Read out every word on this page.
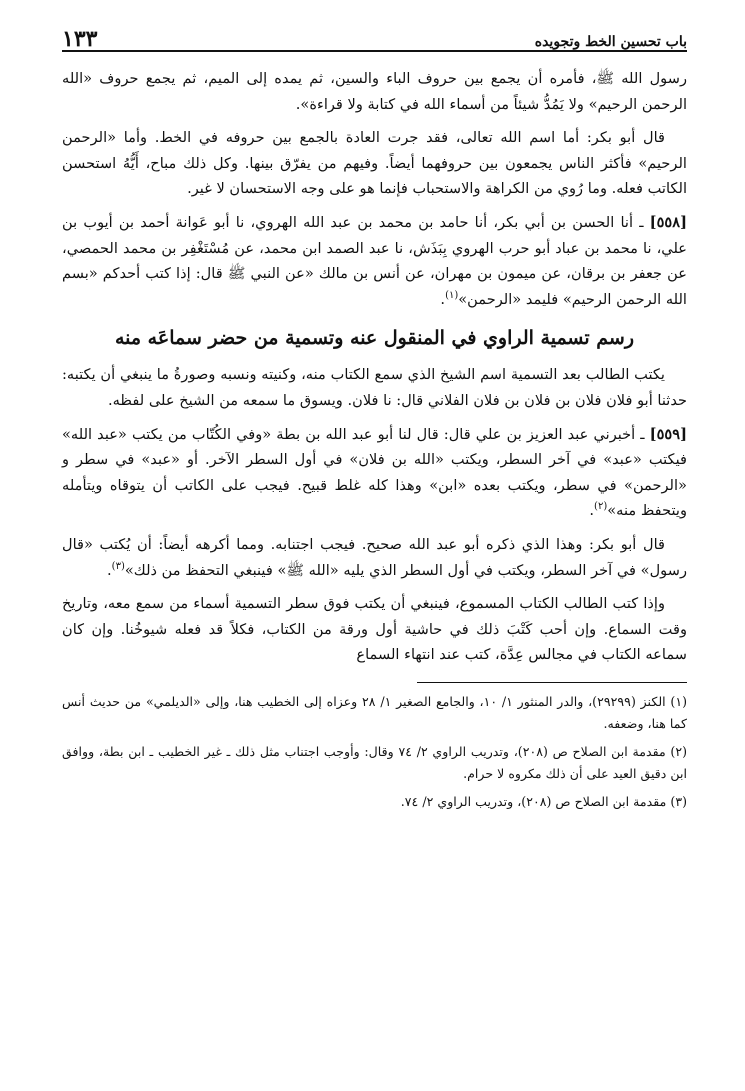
باب تحسين الخط وتجويده
١٣٣

رسول الله ﷺ، فأمره أن يجمع بين حروف الباء والسين، ثم يمده إلى الميم، ثم يجمع حروف «الله الرحمن الرحيم» ولا يَمُدُّ شيئاً من أسماء الله في كتابة ولا قراءة».

قال أبو بكر: أما اسم الله تعالى، فقد جرت العادة بالجمع بين حروفه في الخط. وأما «الرحمن الرحيم» فأكثر الناس يجمعون بين حروفهما أيضاً. وفيهم من يفرّق بينها. وكل ذلك مباح، أَيُّهُ استحسن الكاتب فعله. وما رُوي من الكراهة والاستحباب فإنما هو على وجه الاستحسان لا غير.

[٥٥٨] ـ أنا الحسن بن أبي بكر، أنا حامد بن محمد بن عبد الله الهروي، نا أبو عَوانة أحمد بن أيوب بن علي، نا محمد بن عباد أبو حرب الهروي بِبَذَش، نا عبد الصمد ابن محمد، عن مُسْتَغْفِر بن محمد الحمصي، عن جعفر بن برقان، عن ميمون بن مهران، عن أنس بن مالك «عن النبي ﷺ قال: إذا كتب أحدكم «بسم الله الرحمن الرحيم» فليمد «الرحمن»$^{(١)}$.

رسم تسمية الراوي في المنقول عنه وتسمية من حضر سماعَه منه

يكتب الطالب بعد التسمية اسم الشيخ الذي سمع الكتاب منه، وكنيته ونسبه وصورةُ ما ينبغي أن يكتبه: حدثنا أبو فلان فلان بن فلان بن فلان الفلاني قال: نا فلان. ويسوق ما سمعه من الشيخ على لفظه.

[٥٥٩] ـ أخبرني عبد العزيز بن علي قال: قال لنا أبو عبد الله بن بطة «وفي الكُتّاب من يكتب «عبد الله» فيكتب «عبد» في آخر السطر، ويكتب «الله بن فلان» في أول السطر الآخر. أو «عبد» في سطر و «الرحمن» في سطر، ويكتب بعده «ابن» وهذا كله غلط قبيح. فيجب على الكاتب أن يتوقاه ويتأمله ويتحفظ منه»$^{(٢)}$.

قال أبو بكر: وهذا الذي ذكره أبو عبد الله صحيح. فيجب اجتنابه. ومما أكرهه أيضاً: أن يُكتب «قال رسول» في آخر السطر، ويكتب في أول السطر الذي يليه «الله ﷺ» فينبغي التحفظ من ذلك»$^{(٣)}$.

وإذا كتب الطالب الكتاب المسموع، فينبغي أن يكتب فوق سطر التسمية أسماء من سمع معه، وتاريخ وقت السماع. وإن أحب كَتْبَ ذلك في حاشية أول ورقة من الكتاب، فكلاً قد فعله شيوخُنا. وإن كان سماعه الكتاب في مجالس عِدَّة، كتب عند انتهاء السماع

(١) الكنز (٢٩٢٩٩)، والدر المنثور ١/ ١٠، والجامع الصغير ١/ ٢٨ وعزاه إلى الخطيب هنا، وإلى «الديلمي» من حديث أنس كما هنا، وضعفه.

(٢) مقدمة ابن الصلاح ص (٢٠٨)، وتدريب الراوي ٢/ ٧٤ وقال: وأوجب اجتناب مثل ذلك ـ غير الخطيب ـ ابن بطة، ووافق ابن دقيق العيد على أن ذلك مكروه لا حرام.

(٣) مقدمة ابن الصلاح ص (٢٠٨)، وتدريب الراوي ٢/ ٧٤.
